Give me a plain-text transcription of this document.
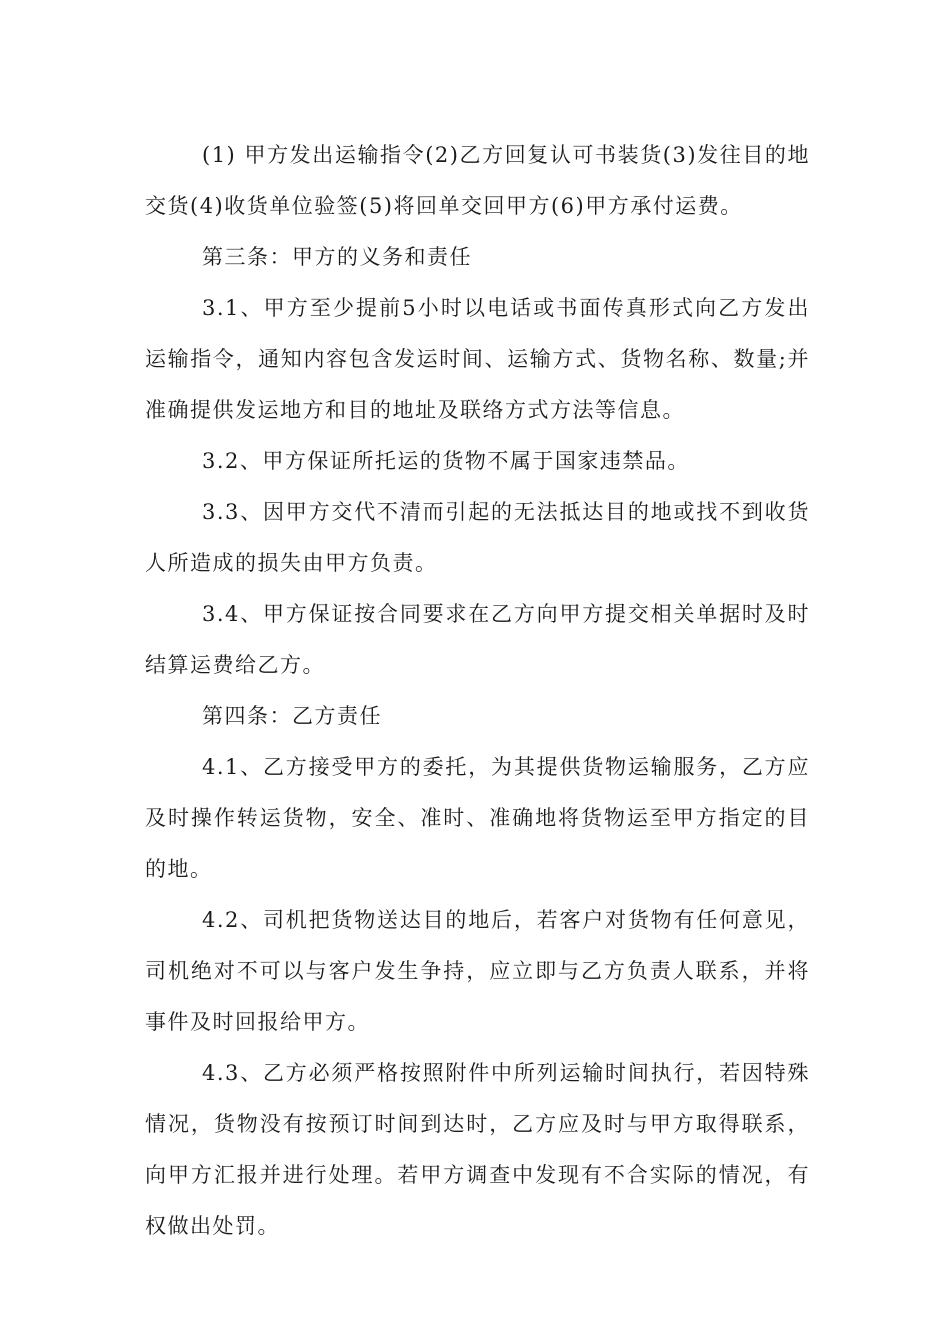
(1) 甲方发出运输指令(2)乙方回复认可书装货(3)发往目的地交货(4)收货单位验签(5)将回单交回甲方(6)甲方承付运费。

第三条：甲方的义务和责任

3.1、甲方至少提前5小时以电话或书面传真形式向乙方发出运输指令，通知内容包含发运时间、运输方式、货物名称、数量;并准确提供发运地方和目的地址及联络方式方法等信息。

3.2、甲方保证所托运的货物不属于国家违禁品。

3.3、因甲方交代不清而引起的无法抵达目的地或找不到收货人所造成的损失由甲方负责。

3.4、甲方保证按合同要求在乙方向甲方提交相关单据时及时结算运费给乙方。

第四条：乙方责任

4.1、乙方接受甲方的委托，为其提供货物运输服务，乙方应及时操作转运货物，安全、准时、准确地将货物运至甲方指定的目的地。

4.2、司机把货物送达目的地后，若客户对货物有任何意见，司机绝对不可以与客户发生争持，应立即与乙方负责人联系，并将事件及时回报给甲方。

4.3、乙方必须严格按照附件中所列运输时间执行，若因特殊情况，货物没有按预订时间到达时，乙方应及时与甲方取得联系，向甲方汇报并进行处理。若甲方调查中发现有不合实际的情况，有权做出处罚。
